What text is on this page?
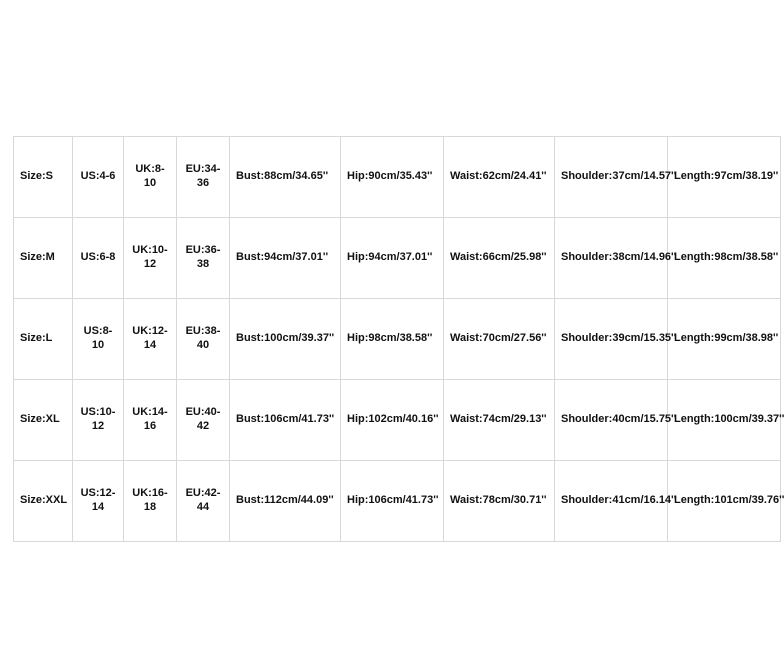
Size:S	US:4-6	UK:8-10	EU:34-36	Bust:88cm/34.65''	Hip:90cm/35.43''	Waist:62cm/24.41''	Shoulder:37cm/14.57''	Length:97cm/38.19''
Size:M	US:6-8	UK:10-12	EU:36-38	Bust:94cm/37.01''	Hip:94cm/37.01''	Waist:66cm/25.98''	Shoulder:38cm/14.96''	Length:98cm/38.58''
Size:L	US:8-10	UK:12-14	EU:38-40	Bust:100cm/39.37''	Hip:98cm/38.58''	Waist:70cm/27.56''	Shoulder:39cm/15.35''	Length:99cm/38.98''
Size:XL	US:10-12	UK:14-16	EU:40-42	Bust:106cm/41.73''	Hip:102cm/40.16''	Waist:74cm/29.13''	Shoulder:40cm/15.75''	Length:100cm/39.37''
Size:XXL	US:12-14	UK:16-18	EU:42-44	Bust:112cm/44.09''	Hip:106cm/41.73''	Waist:78cm/30.71''	Shoulder:41cm/16.14''	Length:101cm/39.76''
